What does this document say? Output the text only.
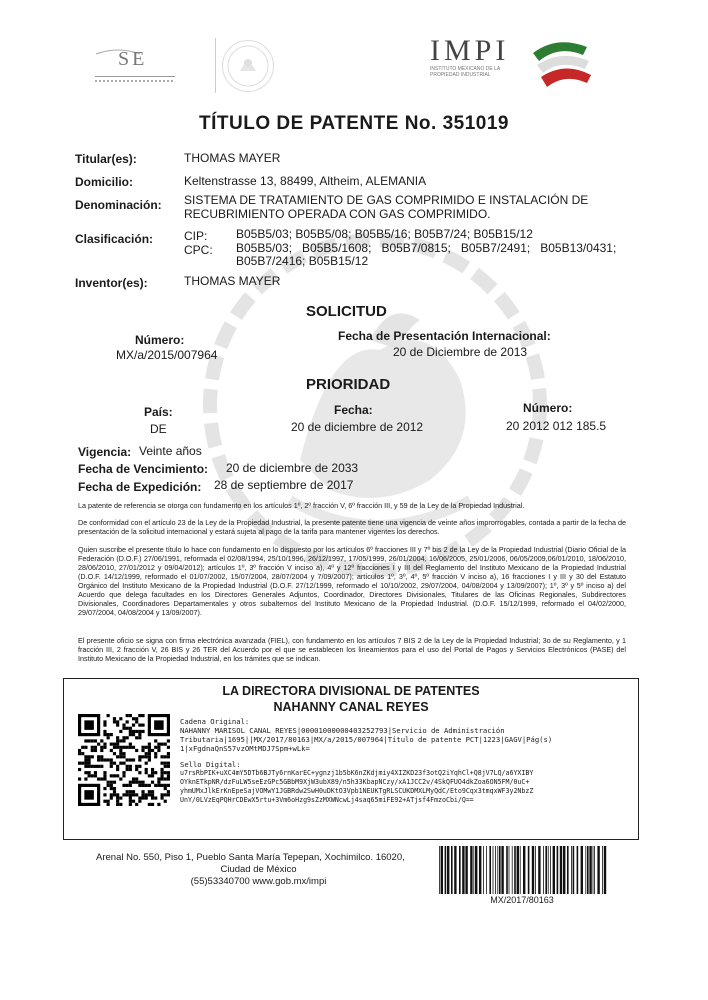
SE	IMPI
INSTITUTO MEXICANO DE LA PROPIEDAD INDUSTRIAL
TÍTULO DE PATENTE No. 351019
Titular(es):	THOMAS MAYER
Domicilio:	Keltenstrasse 13, 88499, Altheim, ALEMANIA
Denominación: SISTEMA DE TRATAMIENTO DE GAS COMPRIMIDO E INSTALACIÓN DE
RECUBRIMIENTO OPERADA CON GAS COMPRIMIDO.
Clasificación:	CIP: B05B5/03; B05B5/08; B05B5/16; B05B7/24; B05B15/12
CPC: B05B5/03;   B05B5/1608;   B05B7/0815;   B05B7/2491;   B05B13/0431;
B05B7/2416; B05B15/12
Inventor(es):	THOMAS MAYER
SOLICITUD
Número:
MX/a/2015/007964
Fecha de Presentación Internacional:
20 de Diciembre de 2013
PRIORIDAD
País:
DE
Fecha:
20 de diciembre de 2012
Número:
20 2012 012 185.5
Vigencia: Veinte años
Fecha de Vencimiento: 20 de diciembre de 2033
Fecha de Expedición: 28 de septiembre de 2017
La patente de referencia se otorga con fundamento en los artículos 1º, 2º fracción V, 6º fracción III, y 59 de la Ley de la Propiedad Industrial.
De conformidad con el artículo 23 de la Ley de la Propiedad Industrial, la presente patente tiene una vigencia de veinte años improrrogables, contada a partir de la fecha de presentación de la solicitud internacional y estará sujeta al pago de la tarifa para mantener vigentes los derechos.
Quien suscribe el presente título lo hace con fundamento en lo dispuesto por los artículos 6º fracciones III y 7º bis 2 de la Ley de la Propiedad Industrial (Diario Oficial de la Federación (D.O.F.) 27/06/1991, reformada el 02/08/1994, 25/10/1996, 26/12/1997, 17/05/1999, 26/01/2004, 16/06/2005, 25/01/2006, 06/05/2009,06/01/2010, 18/06/2010, 28/06/2010, 27/01/2012 y 09/04/2012); artículos 1º, 3º fracción V inciso a), 4º y 12º fracciones I y III del Reglamento del Instituto Mexicano de la Propiedad Industrial (D.O.F. 14/12/1999, reformado el 01/07/2002, 15/07/2004, 28/07/2004 y 7/09/2007); artículos 1º, 3º, 4º, 5º fracción V inciso a), 16 fracciones I y III y 30 del Estatuto Orgánico del Instituto Mexicano de la Propiedad Industrial (D.O.F. 27/12/1999, reformado el 10/10/2002, 29/07/2004, 04/08/2004 y 13/09/2007); 1º, 3º y 5º inciso a) del Acuerdo que delega facultades en los Directores Generales Adjuntos, Coordinador, Directores Divisionales, Titulares de las Oficinas Regionales, Subdirectores Divisionales, Coordinadores Departamentales y otros subalternos del Instituto Mexicano de la Propiedad Industrial. (D.O.F. 15/12/1999, reformado el 04/02/2000, 29/07/2004, 04/08/2004 y 13/09/2007).
El presente oficio se signa con firma electrónica avanzada (FIEL), con fundamento en los artículos 7 BIS 2 de la Ley de la Propiedad Industrial; 3o de su Reglamento, y 1 fracción III, 2 fracción V, 26 BIS y 26 TER del Acuerdo por el que se establecen los lineamientos para el uso del Portal de Pagos y Servicios Electrónicos (PASE) del Instituto Mexicano de la Propiedad Industrial, en los trámites que se indican.
LA DIRECTORA DIVISIONAL DE PATENTES
NAHANNY CANAL REYES
Cadena Original:
NAHANNY MARISOL CANAL REYES|00001000000403252793|Servicio de Administración
Tributaria|1695||MX/2017/80163|MX/a/2015/007964|Título de patente PCT|1223|GAGV|Pág(s)
1|xFgdnaQnS57vzOMtMDJ7Spm+wLk=
Sello Digital:
u7rsRbPIK+uXC4mY5DTb6BJTy6rnKarEC+ygnzj1b5bK6nZKdjmiy4XIZKD23f3otQ2iYqhCl+Q8jV7LQ/a6YXIBY
OYknETkpNR/dzFuLW5seEzGPc5GBbM9XjW3ubX89/n5h33KbapNCzy/xA1JCC2v/4SkQFUO4dkZoa6ON5FM/0uC+
yhmUMxJlkErKnEpeSajVOMwY1JGBRdw2SwH0uDKtO3Vpb1NEUKTgRLSCUKDMXLMyQdC/Eto9Cqx3tmqxWF3y2NbzZ
UnY/0LVzEqPQHrCDEwX5rtu+3Vm6oHzg9sZzMXWNcwLj4saq65miFE92+ATjsf4FmzoCbi/Q==
Arenal No. 550, Piso 1, Pueblo Santa María Tepepan, Xochimilco. 16020,
Ciudad de México
(55)53340700 www.gob.mx/impi
MX/2017/80163
